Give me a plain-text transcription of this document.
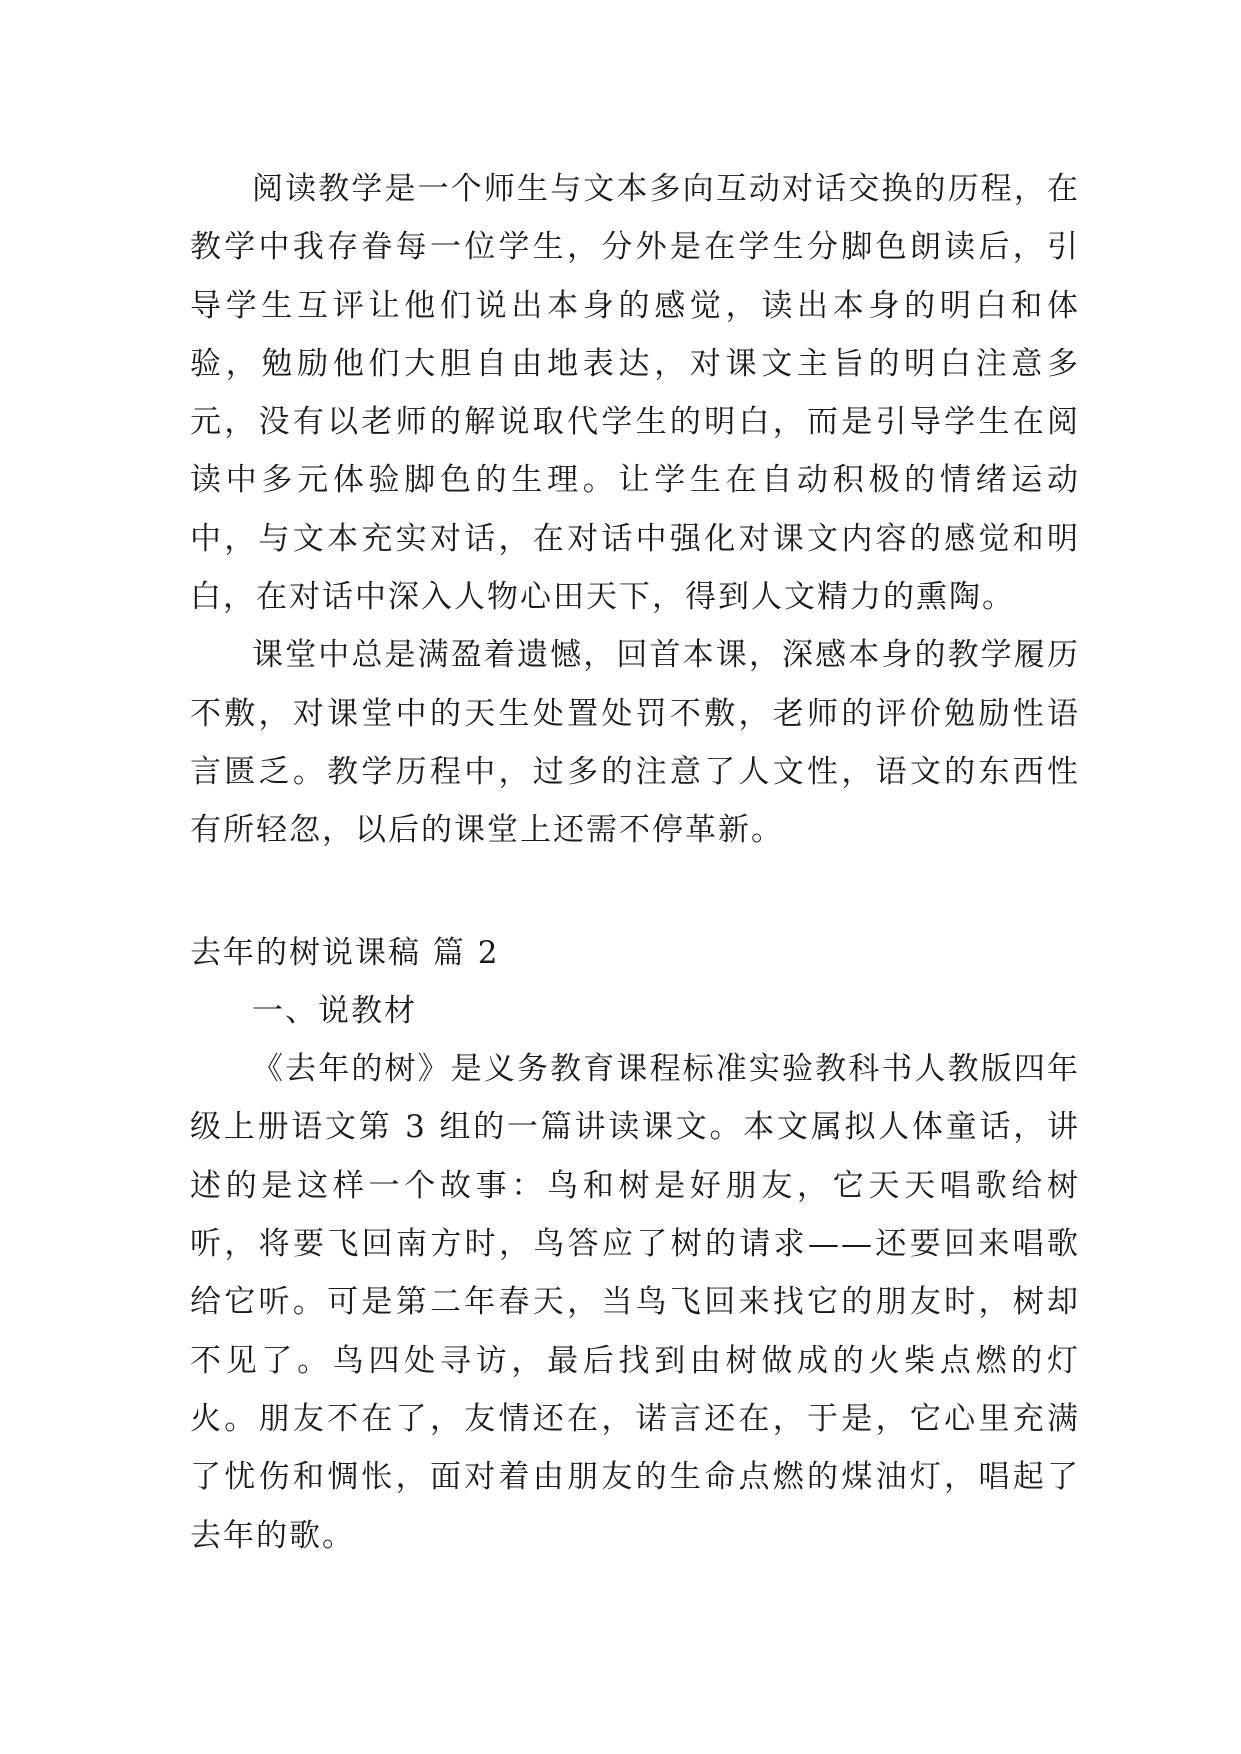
阅读教学是一个师生与文本多向互动对话交换的历程，在教学中我存眷每一位学生，分外是在学生分脚色朗读后，引导学生互评让他们说出本身的感觉，读出本身的明白和体验，勉励他们大胆自由地表达，对课文主旨的明白注意多元，没有以老师的解说取代学生的明白，而是引导学生在阅读中多元体验脚色的生理。让学生在自动积极的情绪运动中，与文本充实对话，在对话中强化对课文内容的感觉和明白，在对话中深入人物心田天下，得到人文精力的熏陶。

课堂中总是满盈着遗憾，回首本课，深感本身的教学履历不敷，对课堂中的天生处置处罚不敷，老师的评价勉励性语言匮乏。教学历程中，过多的注意了人文性，语文的东西性有所轻忽，以后的课堂上还需不停革新。

去年的树说课稿 篇 2

一、说教材

《去年的树》是义务教育课程标准实验教科书人教版四年级上册语文第 3 组的一篇讲读课文。本文属拟人体童话，讲述的是这样一个故事：鸟和树是好朋友，它天天唱歌给树听，将要飞回南方时，鸟答应了树的请求——还要回来唱歌给它听。可是第二年春天，当鸟飞回来找它的朋友时，树却不见了。鸟四处寻访，最后找到由树做成的火柴点燃的灯火。朋友不在了，友情还在，诺言还在，于是，它心里充满了忧伤和惆怅，面对着由朋友的生命点燃的煤油灯，唱起了去年的歌。
